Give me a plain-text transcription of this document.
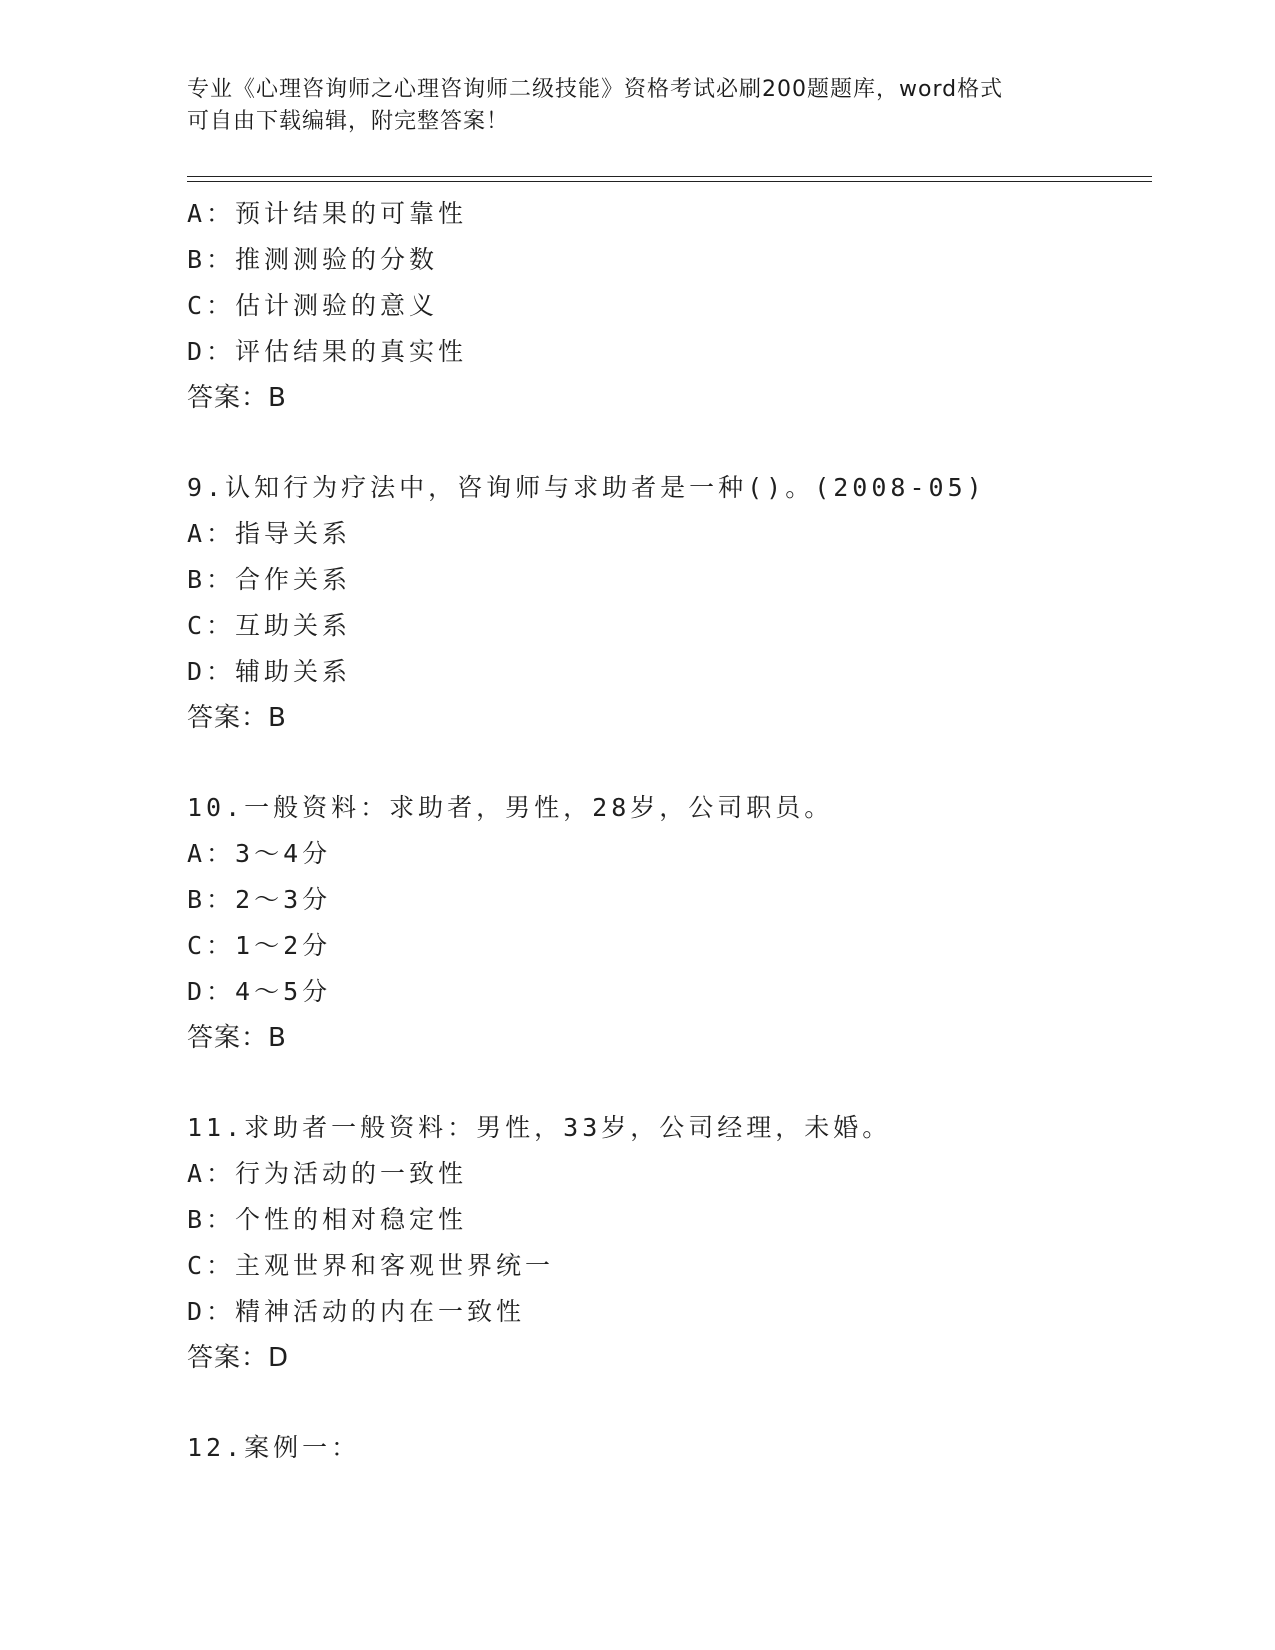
专业《心理咨询师之心理咨询师二级技能》资格考试必刷200题题库，word格式
可自由下载编辑，附完整答案！
A：预计结果的可靠性
B：推测测验的分数
C：估计测验的意义
D：评估结果的真实性
答案：B
9.认知行为疗法中，咨询师与求助者是一种()。(2008-05)
A：指导关系
B：合作关系
C：互助关系
D：辅助关系
答案：B
10.一般资料：求助者，男性，28岁，公司职员。
A：3～4分
B：2～3分
C：1～2分
D：4～5分
答案：B
11.求助者一般资料：男性，33岁，公司经理，未婚。
A：行为活动的一致性
B：个性的相对稳定性
C：主观世界和客观世界统一
D：精神活动的内在一致性
答案：D
12.案例一：
